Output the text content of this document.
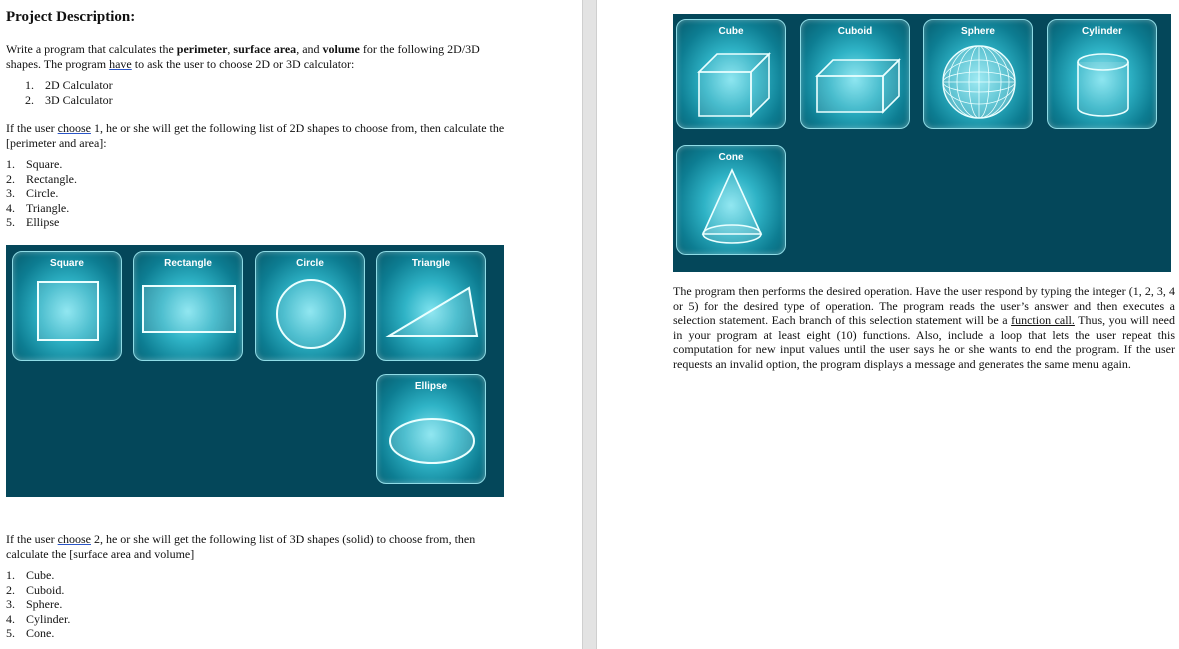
Project Description:
Write a program that calculates the perimeter, surface area, and volume for the following 2D/3D
shapes. The program have to ask the user to choose 2D or 3D calculator:
1. 2D Calculator
2. 3D Calculator
If the user choose 1, he or she will get the following list of 2D shapes to choose from, then calculate the
[perimeter and area]:
1. Square.
2. Rectangle.
3. Circle.
4. Triangle.
5. Ellipse
Square	Rectangle	Circle	Triangle
Ellipse
If the user choose 2, he or she will get the following list of 3D shapes (solid) to choose from, then
calculate the [surface area and volume]
1. Cube.
2. Cuboid.
3. Sphere.
4. Cylinder.
5. Cone.
Cube	Cuboid	Sphere	Cylinder
Cone
The program then performs the desired operation. Have the user respond by typing the integer (1, 2, 3, 4 or 5) for the desired type of operation. The program reads the user’s answer and then executes a selection statement. Each branch of this selection statement will be a function call. Thus, you will need in your program at least eight (10) functions. Also, include a loop that lets the user repeat this computation for new input values until the user says he or she wants to end the program. If the user requests an invalid option, the program displays a message and generates the same menu again.
